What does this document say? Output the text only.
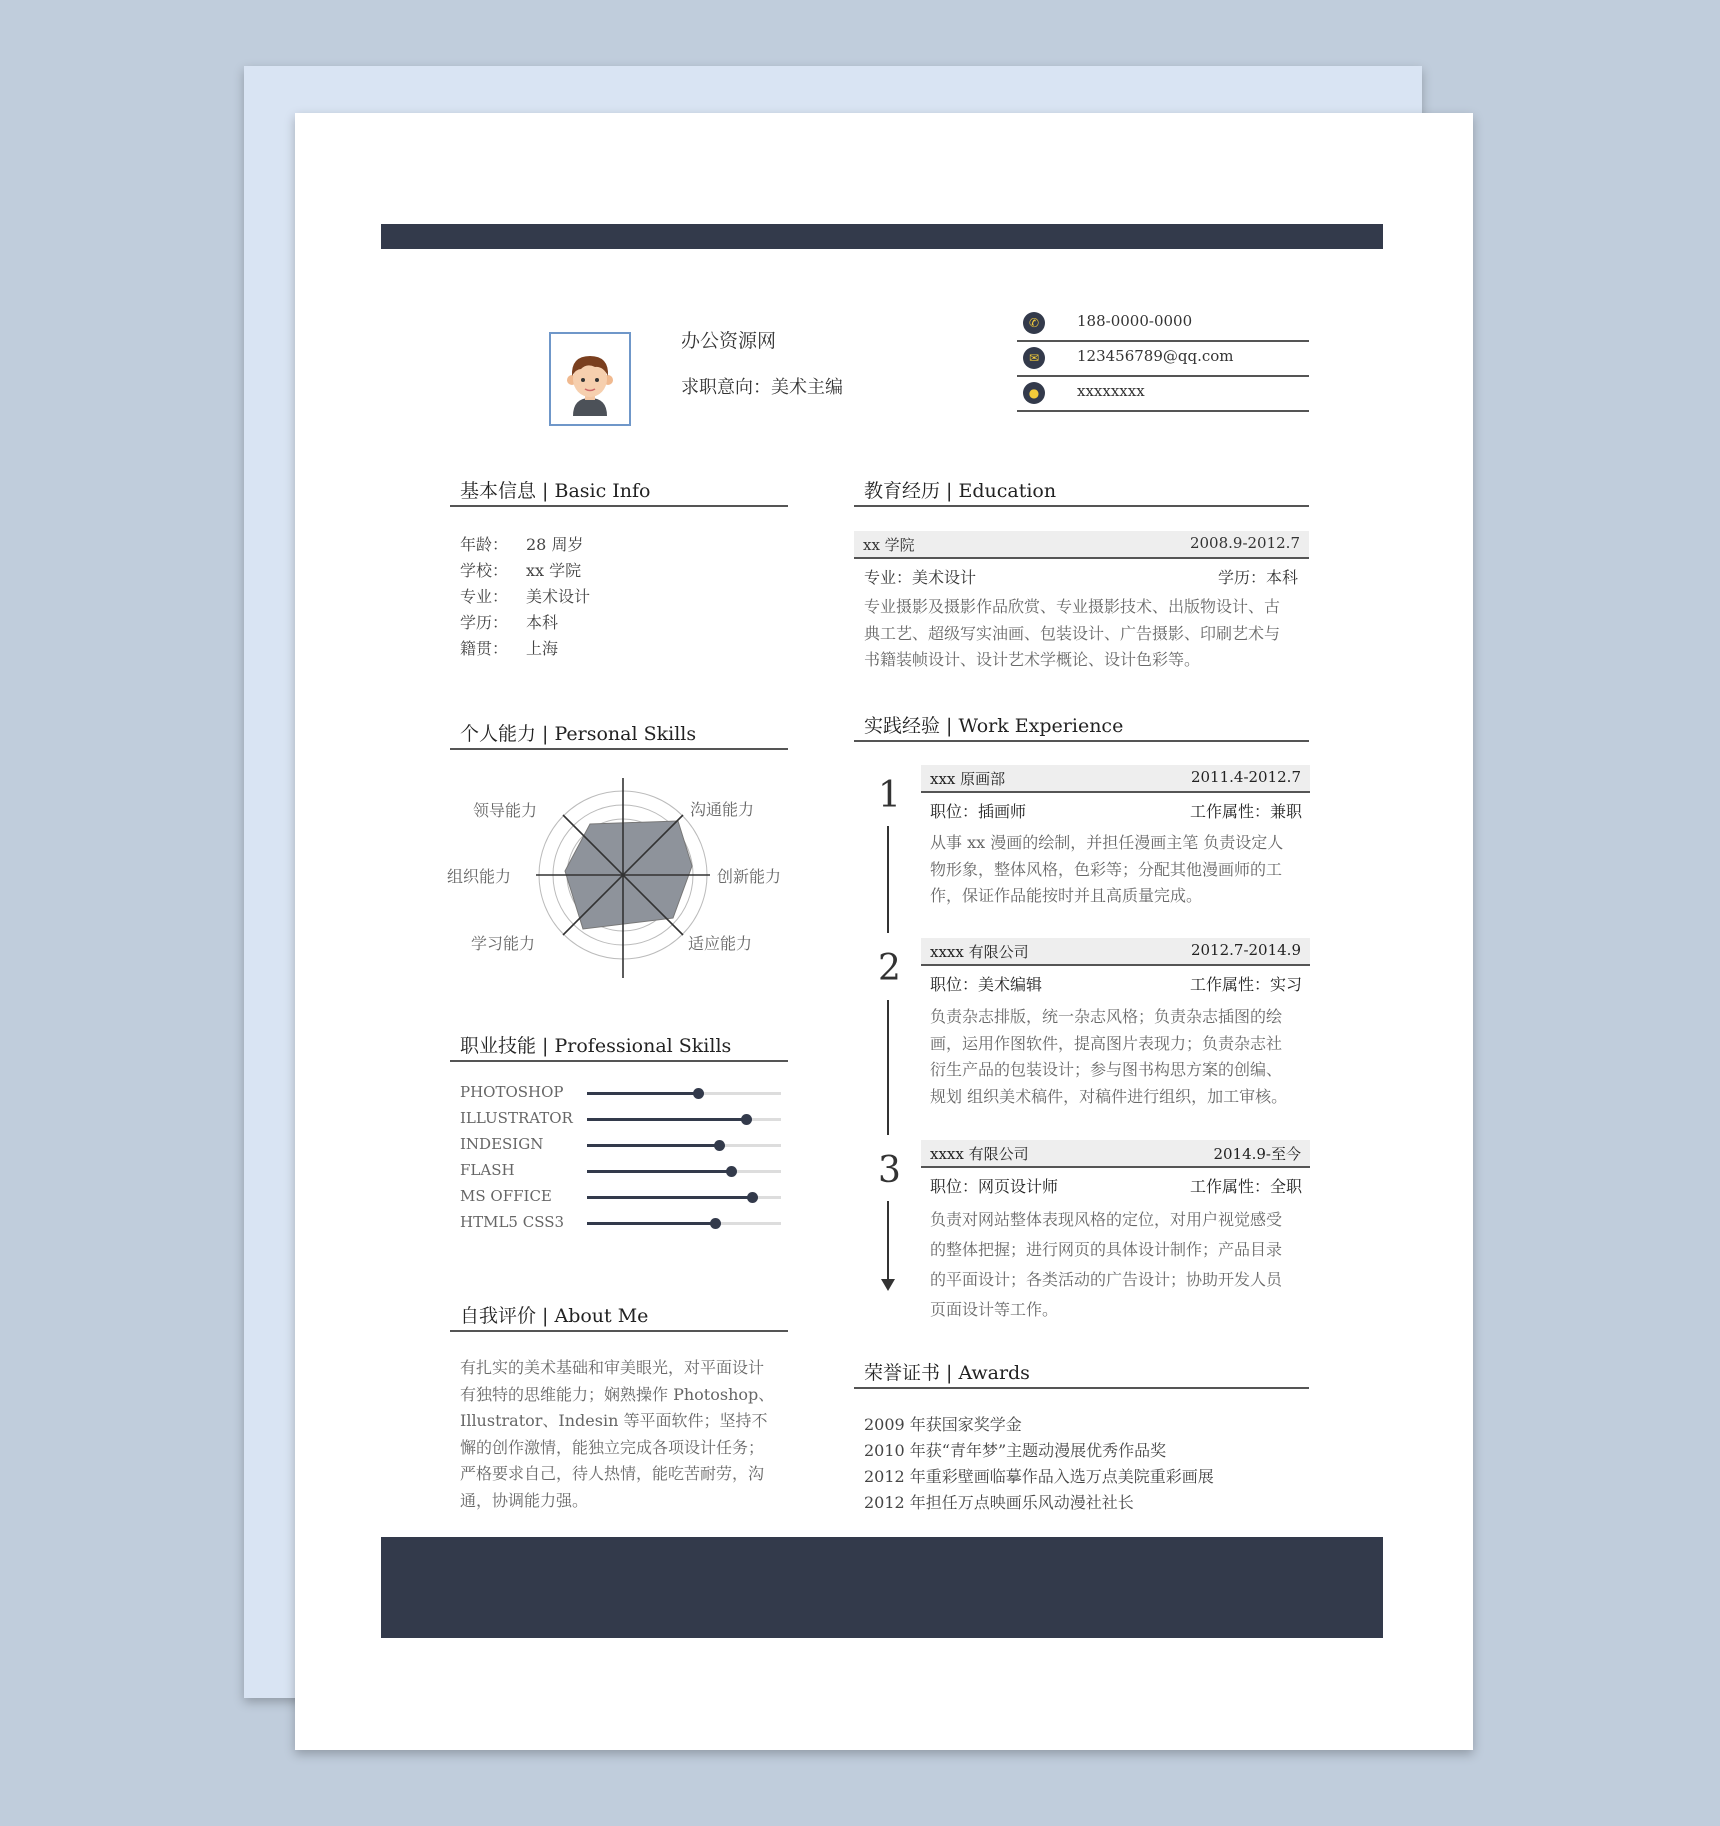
办公资源网
求职意向：美术主编
✆	188-0000-0000
✉	123456789@qq.com
●	xxxxxxxx
基本信息 | Basic Info
年龄： 28 周岁
学校： xx 学院
专业： 美术设计
学历： 本科
籍贯： 上海
个人能力 | Personal Skills
领导能力	沟通能力
组织能力	创新能力
学习能力	适应能力
职业技能 | Professional Skills
PHOTOSHOP
ILLUSTRATOR
INDESIGN
FLASH
MS OFFICE
HTML5 CSS3
自我评价 | About Me
有扎实的美术基础和审美眼光，对平面设计
有独特的思维能力；娴熟操作 Photoshop、
Illustrator、Indesin 等平面软件；坚持不
懈的创作激情，能独立完成各项设计任务；
严格要求自己，待人热情，能吃苦耐劳，沟
通，协调能力强。
教育经历 | Education
xx 学院	2008.9-2012.7
专业：美术设计	学历：本科
专业摄影及摄影作品欣赏、专业摄影技术、出版物设计、古
典工艺、超级写实油画、包装设计、广告摄影、印刷艺术与
书籍装帧设计、设计艺术学概论、设计色彩等。
实践经验 | Work Experience
1
2
3
xxx 原画部	2011.4-2012.7
职位：插画师	工作属性：兼职
从事 xx 漫画的绘制，并担任漫画主笔 负责设定人
物形象，整体风格，色彩等；分配其他漫画师的工
作，保证作品能按时并且高质量完成。
xxxx 有限公司	2012.7-2014.9
职位：美术编辑	工作属性：实习
负责杂志排版，统一杂志风格；负责杂志插图的绘
画，运用作图软件，提高图片表现力；负责杂志社
衍生产品的包装设计；参与图书构思方案的创编、
规划 组织美术稿件，对稿件进行组织，加工审核。
xxxx 有限公司	2014.9-至今
职位：网页设计师	工作属性：全职
负责对网站整体表现风格的定位，对用户视觉感受
的整体把握；进行网页的具体设计制作；产品目录
的平面设计；各类活动的广告设计；协助开发人员
页面设计等工作。
荣誉证书 | Awards
2009 年获国家奖学金
2010 年获“青年梦”主题动漫展优秀作品奖
2012 年重彩壁画临摹作品入选万点美院重彩画展
2012 年担任万点映画乐风动漫社社长
